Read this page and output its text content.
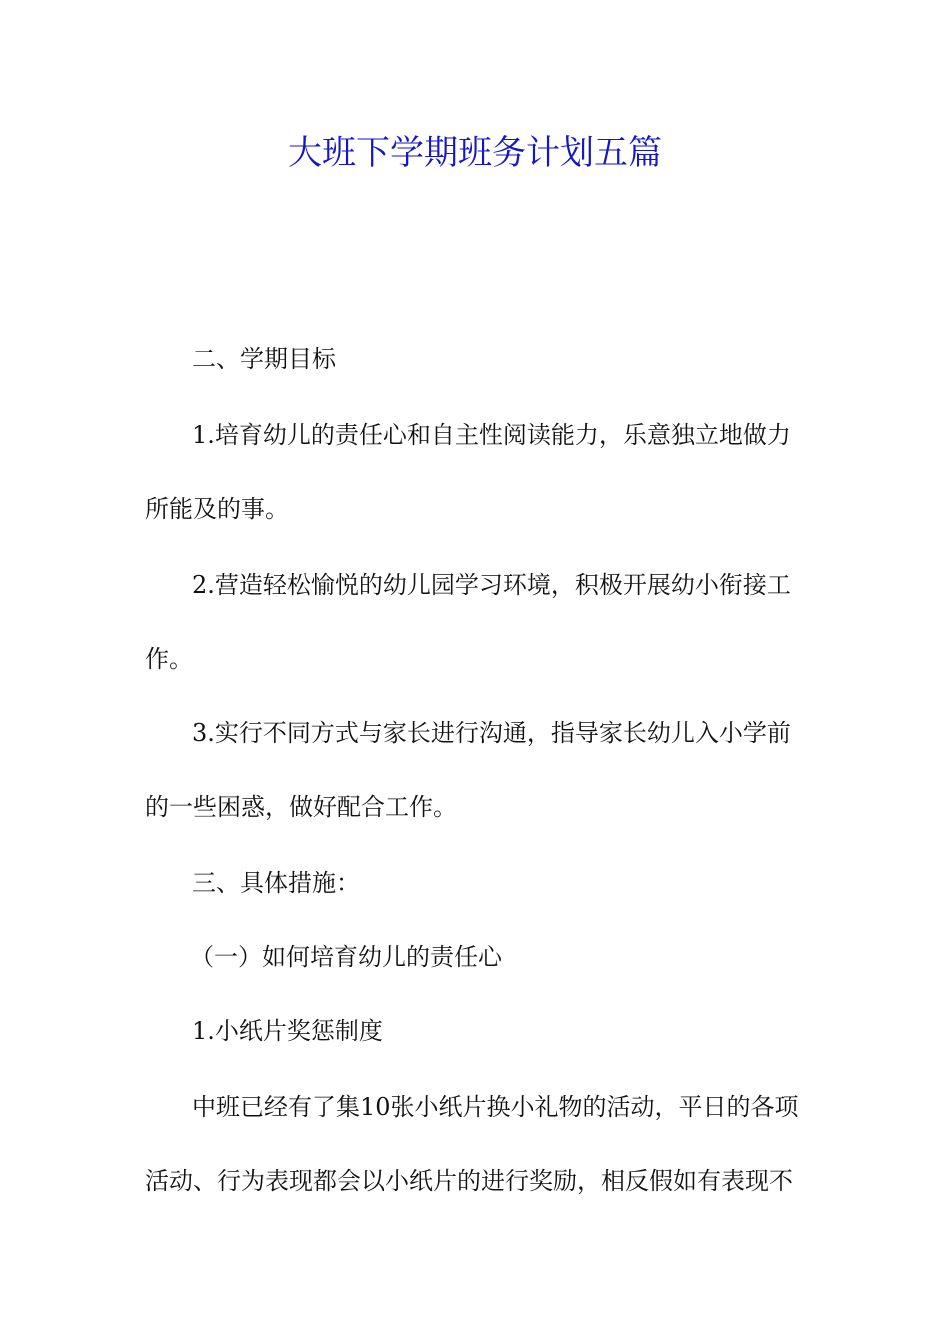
大班下学期班务计划五篇
二、学期目标
1.培育幼儿的责任心和自主性阅读能力，乐意独立地做力
所能及的事。
2.营造轻松愉悦的幼儿园学习环境，积极开展幼小衔接工
作。
3.实行不同方式与家长进行沟通，指导家长幼儿入小学前
的一些困惑，做好配合工作。
三、具体措施：
（一）如何培育幼儿的责任心
1.小纸片奖惩制度
中班已经有了集10张小纸片换小礼物的活动，平日的各项
活动、行为表现都会以小纸片的进行奖励，相反假如有表现不
